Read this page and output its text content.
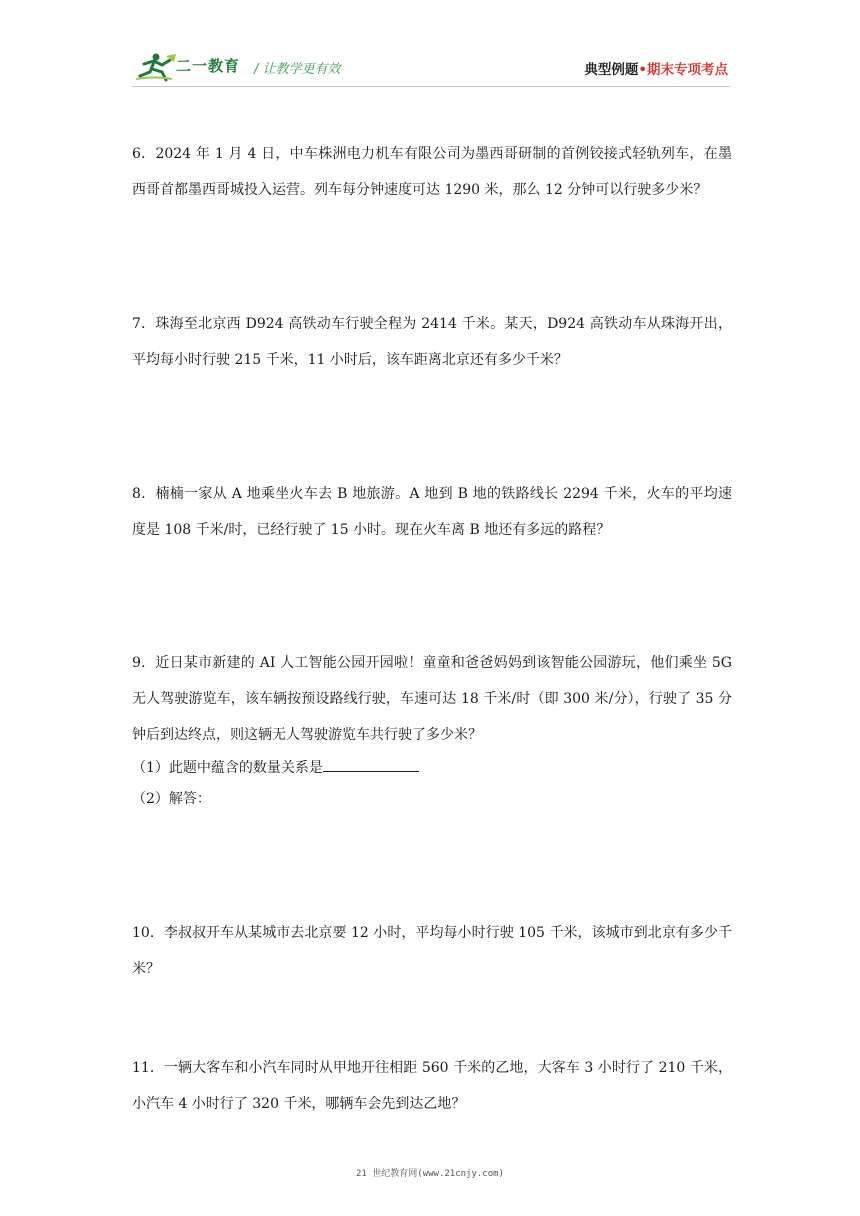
二一教育 / 让教学更有效	典型例题•期末专项考点

6．2024 年 1 月 4 日，中车株洲电力机车有限公司为墨西哥研制的首例铰接式轻轨列车，在墨西哥首都墨西哥城投入运营。列车每分钟速度可达 1290 米，那么 12 分钟可以行驶多少米？

7．珠海至北京西 D924 高铁动车行驶全程为 2414 千米。某天，D924 高铁动车从珠海开出，平均每小时行驶 215 千米，11 小时后，该车距离北京还有多少千米？

8．楠楠一家从 A 地乘坐火车去 B 地旅游。A 地到 B 地的铁路线长 2294 千米，火车的平均速度是 108 千米/时，已经行驶了 15 小时。现在火车离 B 地还有多远的路程？

9．近日某市新建的 AI 人工智能公园开园啦！童童和爸爸妈妈到该智能公园游玩，他们乘坐 5G 无人驾驶游览车，该车辆按预设路线行驶，车速可达 18 千米/时（即 300 米/分），行驶了 35 分钟后到达终点，则这辆无人驾驶游览车共行驶了多少米？

（1）此题中蕴含的数量关系是

（2）解答：

10．李叔叔开车从某城市去北京要 12 小时，平均每小时行驶 105 千米，该城市到北京有多少千米？

11．一辆大客车和小汽车同时从甲地开往相距 560 千米的乙地，大客车 3 小时行了 210 千米，小汽车 4 小时行了 320 千米，哪辆车会先到达乙地？

21 世纪教育网(www.21cnjy.com)
